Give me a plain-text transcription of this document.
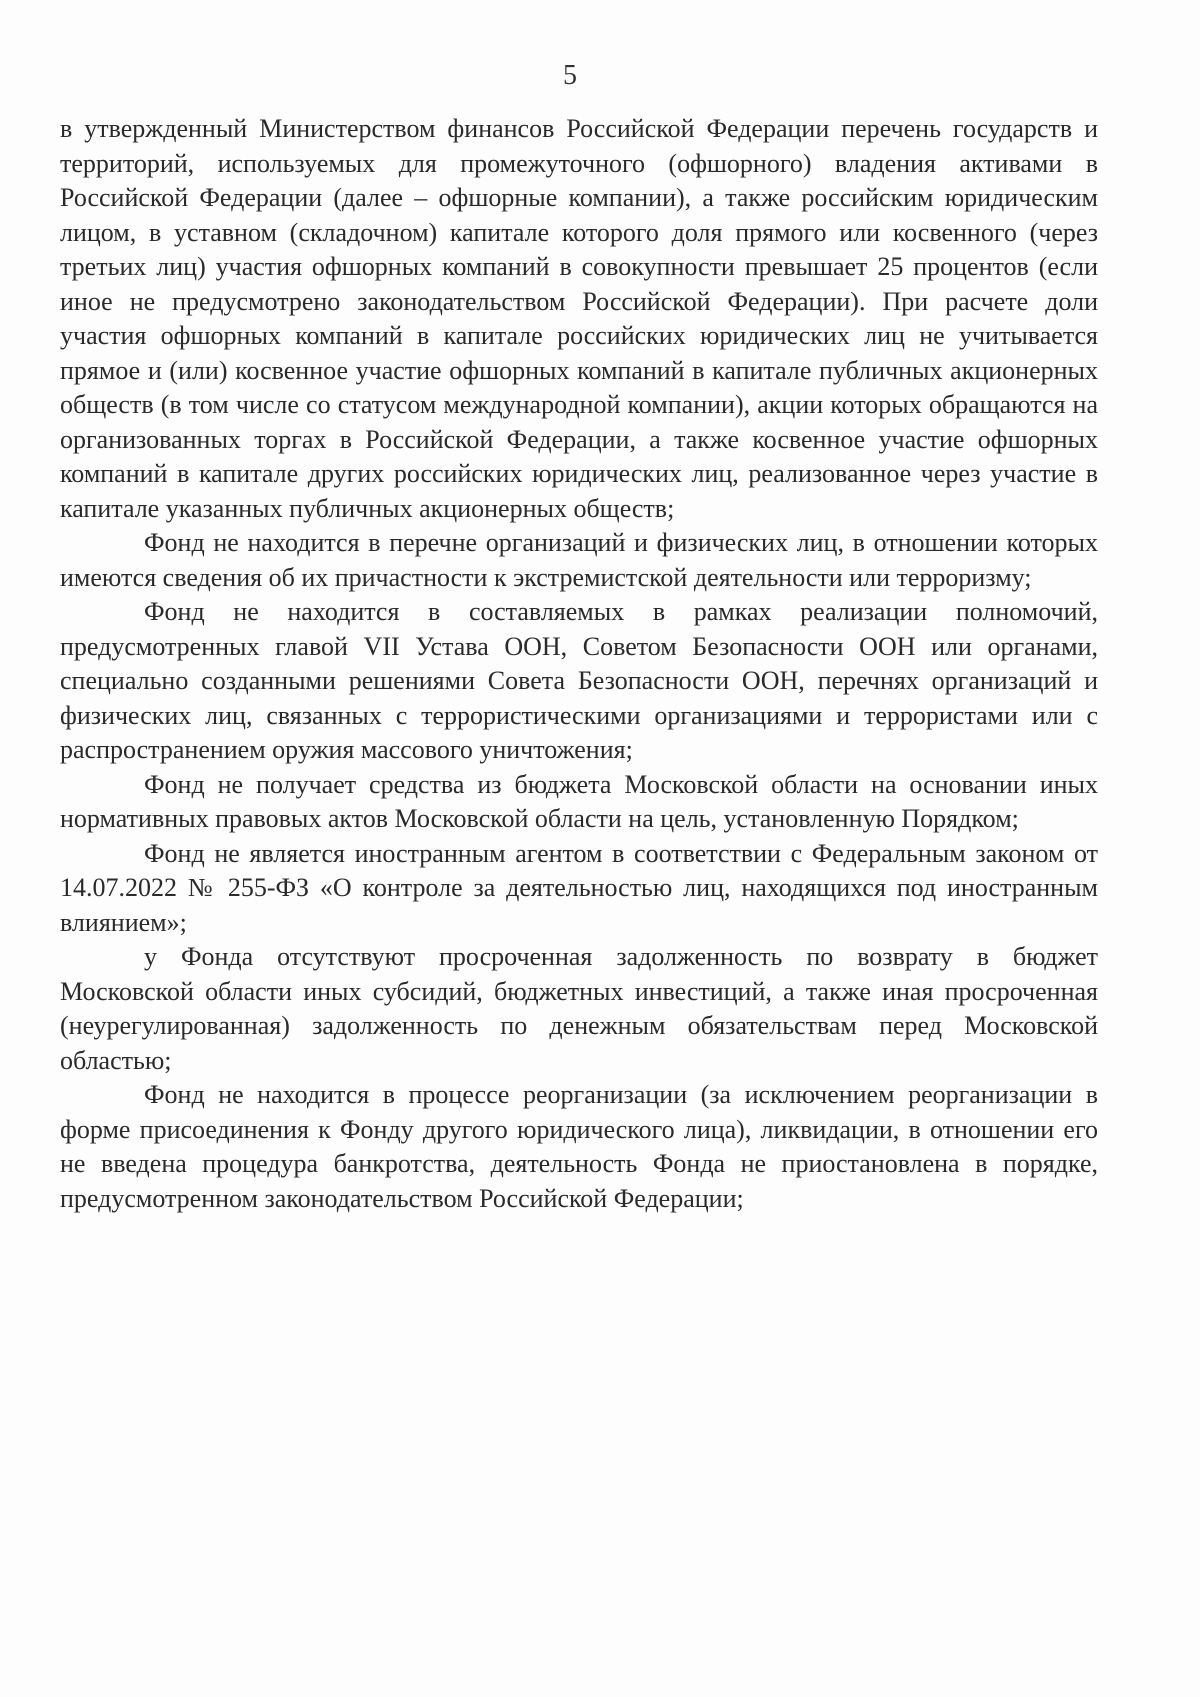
5

в утвержденный Министерством финансов Российской Федерации перечень государств и территорий, используемых для промежуточного (офшорного) владения активами в Российской Федерации (далее – офшорные компании), а также российским юридическим лицом, в уставном (складочном) капитале которого доля прямого или косвенного (через третьих лиц) участия офшорных компаний в совокупности превышает 25 процентов (если иное не предусмотрено законодательством Российской Федерации). При расчете доли участия офшорных компаний в капитале российских юридических лиц не учитывается прямое и (или) косвенное участие офшорных компаний в капитале публичных акционерных обществ (в том числе со статусом международной компании), акции которых обращаются на организованных торгах в Российской Федерации, а также косвенное участие офшорных компаний в капитале других российских юридических лиц, реализованное через участие в капитале указанных публичных акционерных обществ;

Фонд не находится в перечне организаций и физических лиц, в отношении которых имеются сведения об их причастности к экстремистской деятельности или терроризму;

Фонд не находится в составляемых в рамках реализации полномочий, предусмотренных главой VII Устава ООН, Советом Безопасности ООН или органами, специально созданными решениями Совета Безопасности ООН, перечнях организаций и физических лиц, связанных с террористическими организациями и террористами или с распространением оружия массового уничтожения;

Фонд не получает средства из бюджета Московской области на основании иных нормативных правовых актов Московской области на цель, установленную Порядком;

Фонд не является иностранным агентом в соответствии с Федеральным законом от 14.07.2022 № 255-ФЗ «О контроле за деятельностью лиц, находящихся под иностранным влиянием»;

у Фонда отсутствуют просроченная задолженность по возврату в бюджет Московской области иных субсидий, бюджетных инвестиций, а также иная просроченная (неурегулированная) задолженность по денежным обязательствам перед Московской областью;

Фонд не находится в процессе реорганизации (за исключением реорганизации в форме присоединения к Фонду другого юридического лица), ликвидации, в отношении его не введена процедура банкротства, деятельность Фонда не приостановлена в порядке, предусмотренном законодательством Российской Федерации;
